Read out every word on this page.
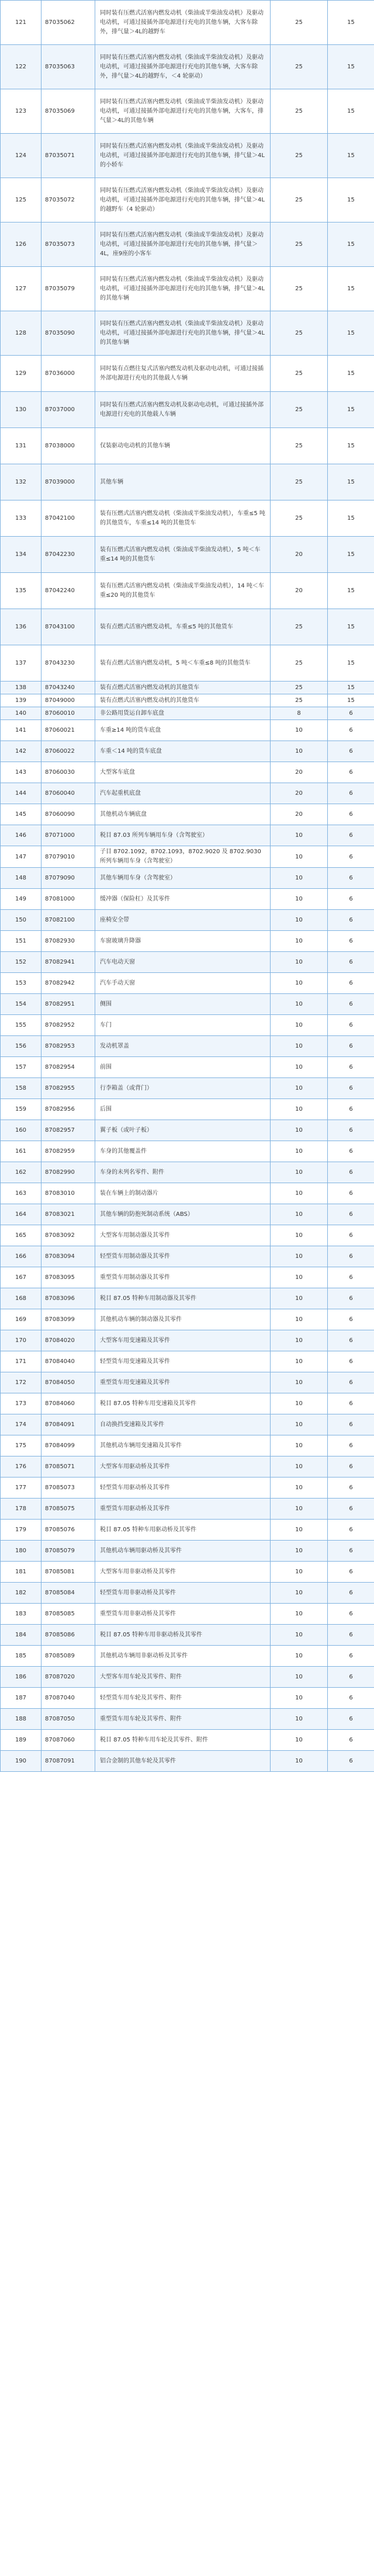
121	87035062	同时装有压燃式活塞内燃发动机（柴油或半柴油发动机）及驱动电动机，可通过接插外部电源进行充电的其他车辆，大客车除外，排气量＞4L的越野车	25	15
122	87035063	同时装有压燃式活塞内燃发动机（柴油或半柴油发动机）及驱动电动机，可通过接插外部电源进行充电的其他车辆，大客车除外，排气量＞4L的越野车，＜4 轮驱动）	25	15
123	87035069	同时装有压燃式活塞内燃发动机（柴油或半柴油发动机）及驱动电动机，可通过接插外部电源进行充电的其他车辆，大客车，排气量＞4L的其他车辆	25	15
124	87035071	同时装有压燃式活塞内燃发动机（柴油或半柴油发动机）及驱动电动机，可通过接插外部电源进行充电的其他车辆，排气量＞4L的小轿车	25	15
125	87035072	同时装有压燃式活塞内燃发动机（柴油或半柴油发动机）及驱动电动机，可通过接插外部电源进行充电的其他车辆，排气量＞4L的越野车（4 轮驱动）	25	15
126	87035073	同时装有压燃式活塞内燃发动机（柴油或半柴油发动机）及驱动电动机，可通过接插外部电源进行充电的其他车辆，排气量＞4L，座9座的小客车	25	15
127	87035079	同时装有压燃式活塞内燃发动机（柴油或半柴油发动机）及驱动电动机，可通过接插外部电源进行充电的其他车辆，排气量＞4L的其他车辆	25	15
128	87035090	同时装有压燃式活塞内燃发动机（柴油或半柴油发动机）及驱动电动机，可通过接插外部电源进行充电的其他车辆，排气量＞4L的其他车辆	25	15
129	87036000	同时装有点燃往复式活塞内燃发动机及驱动电动机，可通过接插外部电源进行充电的其他载人车辆	25	15
130	87037000	同时装有压燃式活塞内燃发动机及驱动电动机，可通过接插外部电源进行充电的其他载人车辆	25	15
131	87038000	仅装驱动电动机的其他车辆	25	15
132	87039000	其他车辆	25	15
133	87042100	装有压燃式活塞内燃发动机（柴油或半柴油发动机），车重≤5 吨的其他货车，车重≤14 吨的其他货车	25	15
134	87042230	装有压燃式活塞内燃发动机（柴油或半柴油发动机），5 吨＜车重≤14 吨的其他货车	20	15
135	87042240	装有压燃式活塞内燃发动机（柴油或半柴油发动机），14 吨＜车重≤20 吨的其他货车	20	15
136	87043100	装有点燃式活塞内燃发动机，车重≤5 吨的其他货车	25	15
137	87043230	装有点燃式活塞内燃发动机，5 吨＜车重≤8 吨的其他货车	25	15
138	87043240	装有点燃式活塞内燃发动机的其他货车	25	15
139	87049000	装有点燃式活塞内燃发动机的其他货车	25	15
140	87060010	非公路用货运自卸车底盘	8	6
141	87060021	车重≥14 吨的货车底盘	10	6
142	87060022	车重＜14 吨的货车底盘	10	6
143	87060030	大型客车底盘	20	6
144	87060040	汽车起重机底盘	20	6
145	87060090	其他机动车辆底盘	20	6
146	87071000	税目 87.03 所列车辆用车身（含驾驶室）	10	6
147	87079010	子目 8702.1092，8702.1093，8702.9020 及 8702.9030 所列车辆用车身（含驾驶室）	10	6
148	87079090	其他车辆用车身（含驾驶室）	10	6
149	87081000	缓冲器（保险杠）及其零件	10	6
150	87082100	座椅安全带	10	6
151	87082930	车窗玻璃升降器	10	6
152	87082941	汽车电动天窗	10	6
153	87082942	汽车手动天窗	10	6
154	87082951	侧围	10	6
155	87082952	车门	10	6
156	87082953	发动机罩盖	10	6
157	87082954	前围	10	6
158	87082955	行李箱盖（或背门）	10	6
159	87082956	后围	10	6
160	87082957	翼子板（或叶子板）	10	6
161	87082959	车身的其他覆盖件	10	6
162	87082990	车身的未列名零件、附件	10	6
163	87083010	装在车辆上的制动器片	10	6
164	87083021	其他车辆的防抱死制动系统（ABS）	10	6
165	87083092	大型客车用制动器及其零件	10	6
166	87083094	轻型货车用制动器及其零件	10	6
167	87083095	重型货车用制动器及其零件	10	6
168	87083096	税目 87.05 特种车用制动器及其零件	10	6
169	87083099	其他机动车辆的制动器及其零件	10	6
170	87084020	大型客车用变速箱及其零件	10	6
171	87084040	轻型货车用变速箱及其零件	10	6
172	87084050	重型货车用变速箱及其零件	10	6
173	87084060	税目 87.05 特种车用变速箱及其零件	10	6
174	87084091	自动换挡变速箱及其零件	10	6
175	87084099	其他机动车辆用变速箱及其零件	10	6
176	87085071	大型客车用驱动桥及其零件	10	6
177	87085073	轻型货车用驱动桥及其零件	10	6
178	87085075	重型货车用驱动桥及其零件	10	6
179	87085076	税目 87.05 特种车用驱动桥及其零件	10	6
180	87085079	其他机动车辆用驱动桥及其零件	10	6
181	87085081	大型客车用非驱动桥及其零件	10	6
182	87085084	轻型货车用非驱动桥及其零件	10	6
183	87085085	重型货车用非驱动桥及其零件	10	6
184	87085086	税目 87.05 特种车用非驱动桥及其零件	10	6
185	87085089	其他机动车辆用非驱动桥及其零件	10	6
186	87087020	大型客车用车轮及其零件、附件	10	6
187	87087040	轻型货车用车轮及其零件、附件	10	6
188	87087050	重型货车用车轮及其零件、附件	10	6
189	87087060	税目 87.05 特种车用车轮及其零件、附件	10	6
190	87087091	铝合金制的其他车轮及其零件	10	6
